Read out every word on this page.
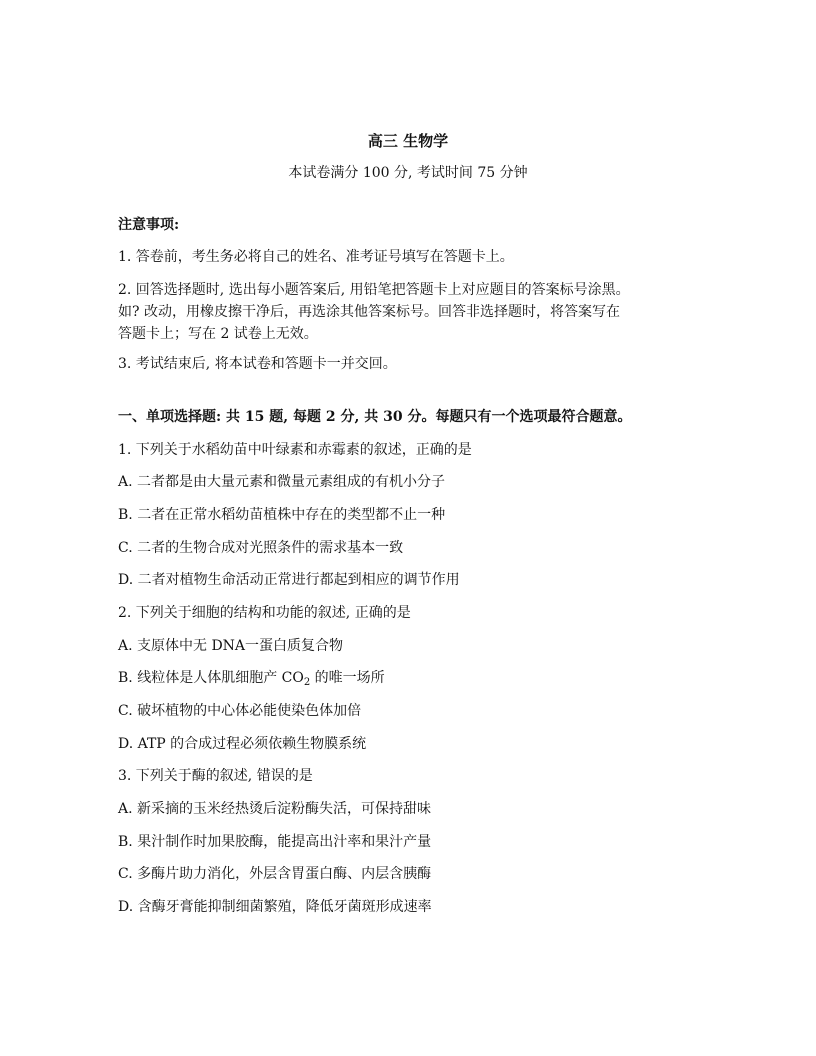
高三 生物学
本试卷满分 100 分, 考试时间 75 分钟
注意事项:
1. 答卷前，考生务必将自己的姓名、准考证号填写在答题卡上。
2. 回答选择题时, 选出每小题答案后, 用铅笔把答题卡上对应题目的答案标号涂黑。
如? 改动，用橡皮擦干净后，再选涂其他答案标号。回答非选择题时，将答案写在
答题卡上；写在 2 试卷上无效。
3. 考试结束后, 将本试卷和答题卡一并交回。
一、单项选择题: 共 15 题, 每题 2 分, 共 30 分。每题只有一个选项最符合题意。
1. 下列关于水稻幼苗中叶绿素和赤霉素的叙述，正确的是
A. 二者都是由大量元素和微量元素组成的有机小分子
B. 二者在正常水稻幼苗植株中存在的类型都不止一种
C. 二者的生物合成对光照条件的需求基本一致
D. 二者对植物生命活动正常进行都起到相应的调节作用
2. 下列关于细胞的结构和功能的叙述, 正确的是
A. 支原体中无 DNA一蛋白质复合物
B. 线粒体是人体肌细胞产 $CO_2$ 的唯一场所
C. 破坏植物的中心体必能使染色体加倍
D. ATP 的合成过程必须依赖生物膜系统
3. 下列关于酶的叙述, 错误的是
A. 新采摘的玉米经热烫后淀粉酶失活，可保持甜味
B. 果汁制作时加果胶酶，能提高出汁率和果汁产量
C. 多酶片助力消化，外层含胃蛋白酶、内层含胰酶
D. 含酶牙膏能抑制细菌繁殖，降低牙菌斑形成速率
